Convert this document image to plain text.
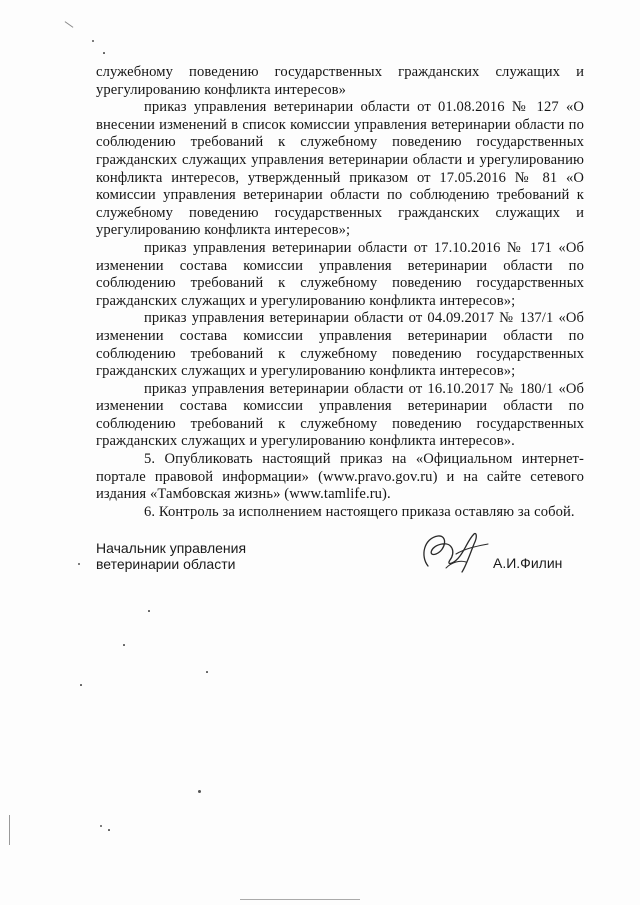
служебному поведению государственных гражданских служащих и урегулированию конфликта интересов»

приказ управления ветеринарии области от 01.08.2016 № 127 «О внесении изменений в список комиссии управления ветеринарии области по соблюдению требований к служебному поведению государственных гражданских служащих управления ветеринарии области и урегулированию конфликта интересов, утвержденный приказом от 17.05.2016 № 81 «О комиссии управления ветеринарии области по соблюдению требований к служебному поведению государственных гражданских служащих и урегулированию конфликта интересов»;

приказ управления ветеринарии области от 17.10.2016 № 171 «Об изменении состава комиссии управления ветеринарии области по соблюдению требований к служебному поведению государственных гражданских служащих и урегулированию конфликта интересов»;

приказ управления ветеринарии области от 04.09.2017 № 137/1 «Об изменении состава комиссии управления ветеринарии области по соблюдению требований к служебному поведению государственных гражданских служащих и урегулированию конфликта интересов»;

приказ управления ветеринарии области от 16.10.2017 № 180/1 «Об изменении состава комиссии управления ветеринарии области по соблюдению требований к служебному поведению государственных гражданских служащих и урегулированию конфликта интересов».

5. Опубликовать настоящий приказ на «Официальном интернет-портале правовой информации» (www.pravo.gov.ru) и на сайте сетевого издания «Тамбовская жизнь» (www.tamlife.ru).

6. Контроль за исполнением настоящего приказа оставляю за собой.

Начальник управления
ветеринарии области	А.И.Филин
